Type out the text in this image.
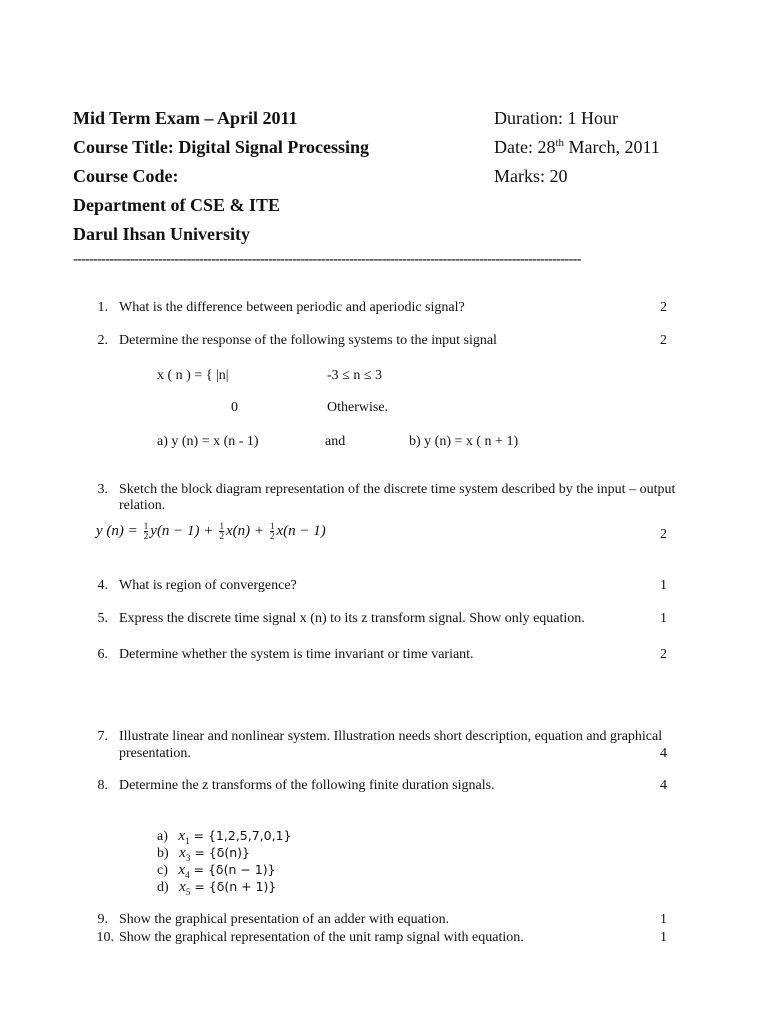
Mid Term Exam – April 2011
Course Title: Digital Signal Processing
Course Code:
Department of CSE & ITE
Darul Ihsan University
Duration: 1 Hour
Date: 28th March, 2011
Marks: 20
-----------------------------------------------------------------------------------------------------------------------------
1. What is the difference between periodic and aperiodic signal?	2
2. Determine the response of the following systems to the input signal	2
x ( n ) = { |n|	-3 ≤ n ≤ 3
0	Otherwise.
a) y (n) = x (n - 1)	and	b) y (n) = x ( n + 1)
3. Sketch the block diagram representation of the discrete time system described by the input – output
relation.
y $(n) = \frac{1}{2} y(n - 1) + \frac{1}{2} x(n) + \frac{1}{2} x(n - 1)$	2
4. What is region of convergence?	1
5. Express the discrete time signal x (n) to its z transform signal. Show only equation.	1
6. Determine whether the system is time invariant or time variant.	2
7. Illustrate linear and nonlinear system. Illustration needs short description, equation and graphical
presentation.	4
8. Determine the z transforms of the following finite duration signals.	4
a) $x_1 = \{1,2,5,7,0,1\}$
b) $x_3 = \{\delta(n)\}$
c) $x_4 = \{\delta(n - 1)\}$
d) $x_5 = \{\delta(n + 1)\}$
9. Show the graphical presentation of an adder with equation.	1
10. Show the graphical representation of the unit ramp signal with equation.	1
